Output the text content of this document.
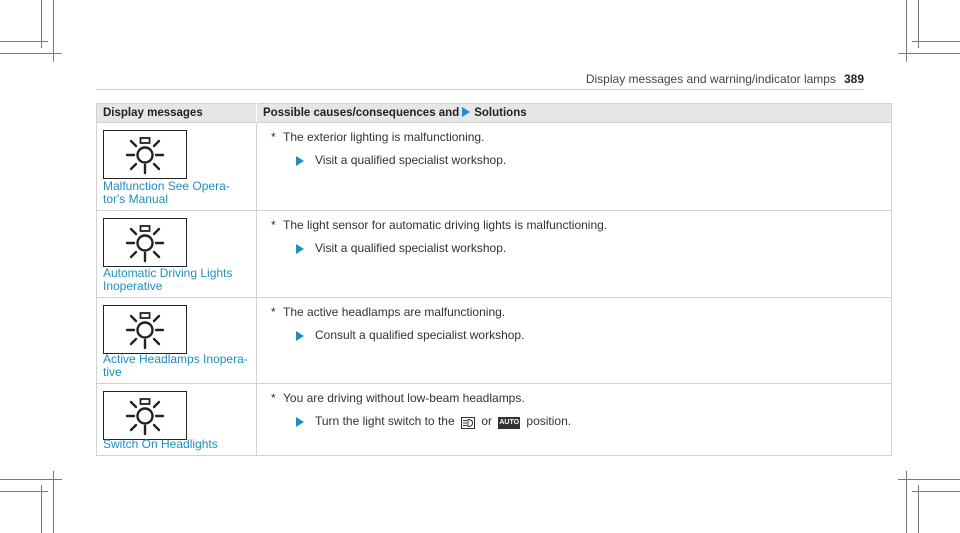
Display messages and warning/indicator lamps 389
Display messages	Possible causes/consequences and Solutions

Malfunction See Opera- tor's Manual	* The exterior lighting is malfunctioning.
Visit a qualified specialist workshop.

Automatic Driving Lights Inoperative	* The light sensor for automatic driving lights is malfunctioning.
Visit a qualified specialist workshop.

Active Headlamps Inopera- tive	* The active headlamps are malfunctioning.
Consult a qualified specialist workshop.

Switch On Headlights	* You are driving without low-beam headlamps.
Turn the light switch to the or AUTO position.
